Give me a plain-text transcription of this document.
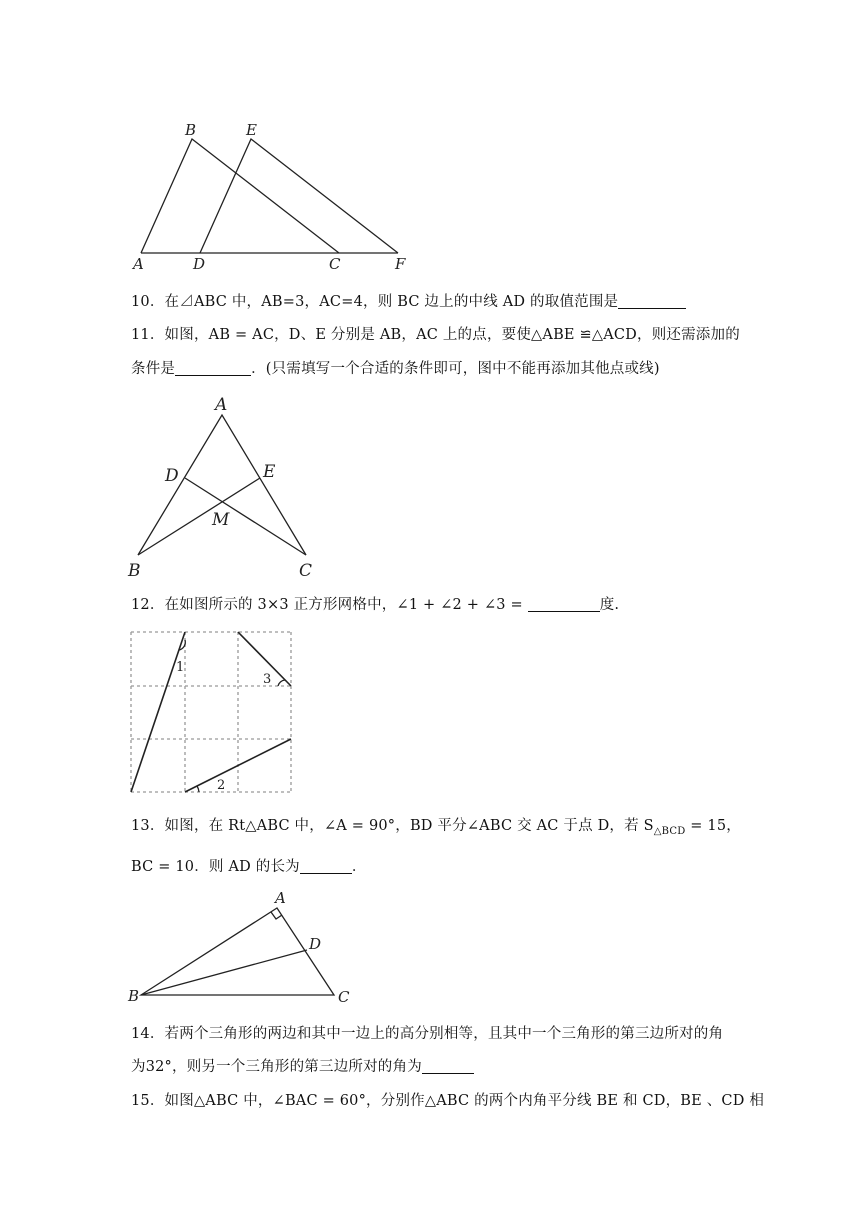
B	E
A	D	C	F
10．在⊿ABC 中，AB=3，AC=4，则 BC 边上的中线 AD 的取值范围是
11．如图，AB = AC，D、E 分别是 AB，AC 上的点，要使△ABE ≌△ACD，则还需添加的
条件是	．(只需填写一个合适的条件即可，图中不能再添加其他点或线)
A
D	E
M
B	C
12．在如图所示的 3×3 正方形网格中，∠1 + ∠2 + ∠3 =	度.
1
3
2
13．如图，在 Rt△ABC 中，∠A = 90°，BD 平分∠ABC 交 AC 于点 D，若 $S_{\triangle BCD} = 15$，
BC = 10．则 AD 的长为	．
A
D
B	C
14．若两个三角形的两边和其中一边上的高分别相等，且其中一个三角形的第三边所对的角
为32°，则另一个三角形的第三边所对的角为
15．如图△ABC 中，∠BAC = 60°，分别作△ABC 的两个内角平分线 BE 和 CD，BE 、CD 相
